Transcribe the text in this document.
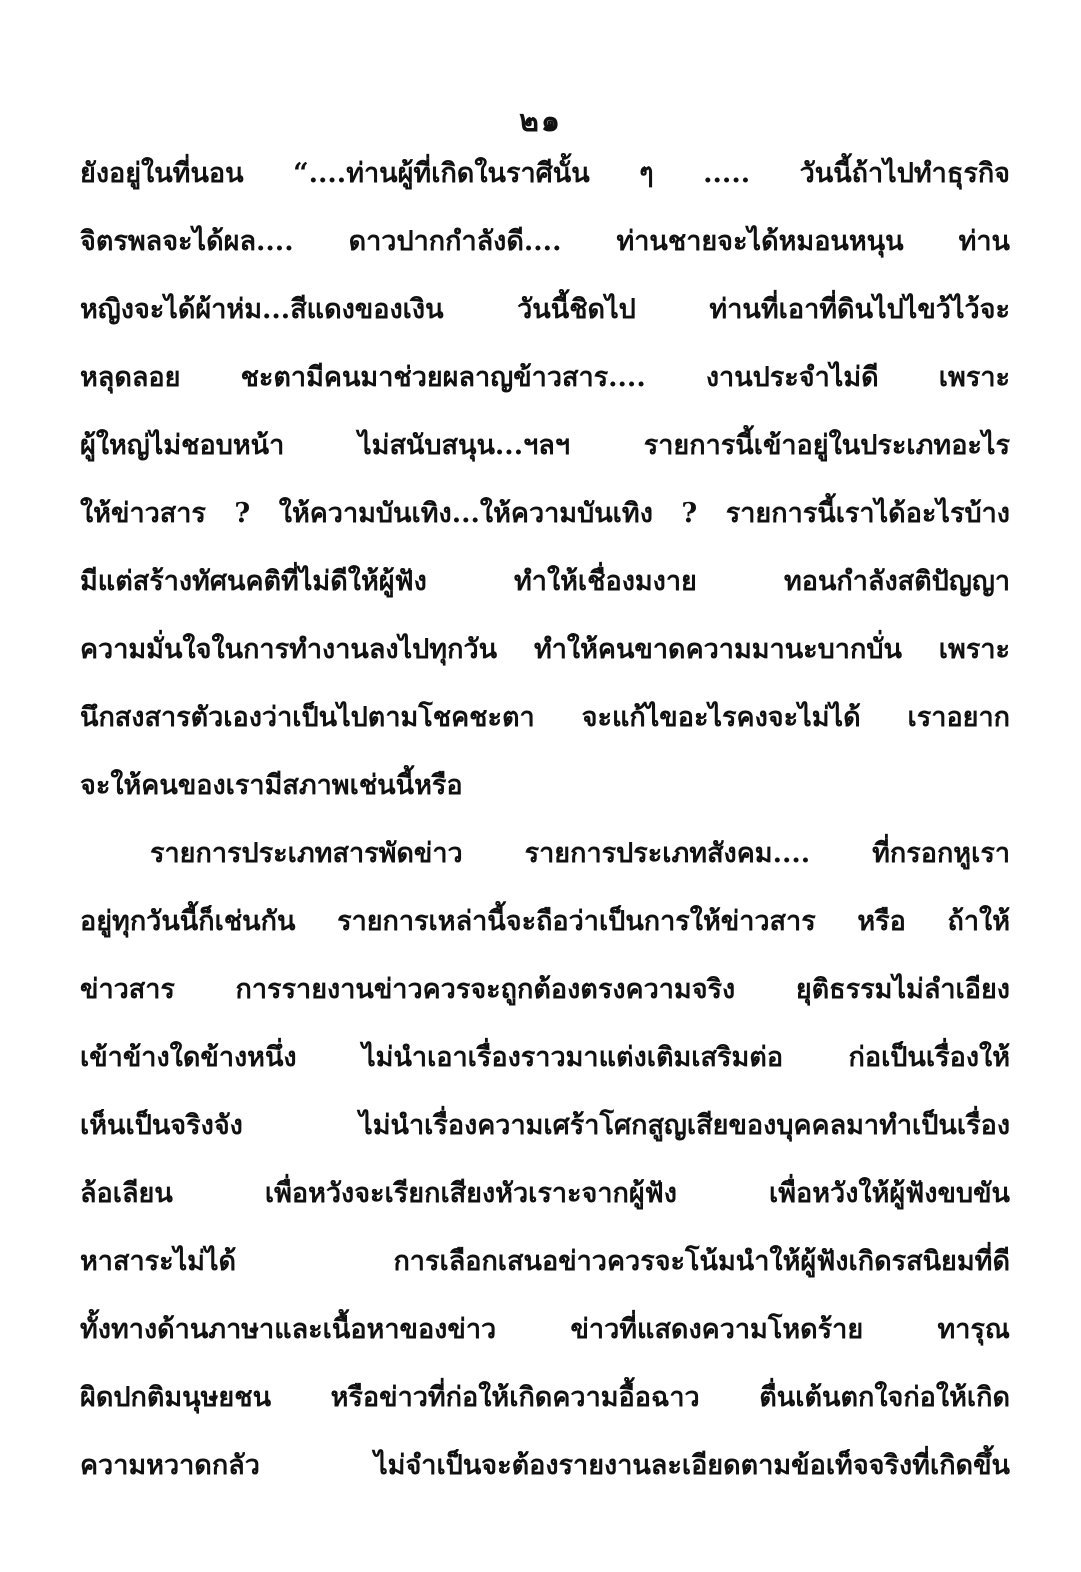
๒๑
ยังอยู่ในที่นอน “....ท่านผู้ที่เกิดในราศีนั้น ๆ ..... วันนี้ถ้าไปทำธุรกิจ
จิตรพลจะได้ผล.... ดาวปากกำลังดี.... ท่านชายจะได้หมอนหนุน ท่าน
หญิงจะได้ผ้าห่ม...สีแดงของเงิน วันนี้ชิดไป ท่านที่เอาที่ดินไปไขว้ไว้จะ
หลุดลอย ชะตามีคนมาช่วยผลาญข้าวสาร.... งานประจำไม่ดี เพราะ
ผู้ใหญ่ไม่ชอบหน้า ไม่สนับสนุน...ฯลฯ รายการนี้เข้าอยู่ในประเภทอะไร
ให้ข่าวสาร ? ให้ความบันเทิง...ให้ความบันเทิง ? รายการนี้เราได้อะไรบ้าง
มีแต่สร้างทัศนคติที่ไม่ดีให้ผู้ฟัง ทำให้เชื่องมงาย ทอนกำลังสติปัญญา
ความมั่นใจในการทำงานลงไปทุกวัน ทำให้คนขาดความมานะบากบั่น เพราะ
นึกสงสารตัวเองว่าเป็นไปตามโชคชะตา จะแก้ไขอะไรคงจะไม่ได้ เราอยาก
จะให้คนของเรามีสภาพเช่นนี้หรือ
รายการประเภทสารพัดข่าว รายการประเภทสังคม.... ที่กรอกหูเรา
อยู่ทุกวันนี้ก็เช่นกัน รายการเหล่านี้จะถือว่าเป็นการให้ข่าวสาร หรือ ถ้าให้
ข่าวสาร การรายงานข่าวควรจะถูกต้องตรงความจริง ยุติธรรมไม่ลำเอียง
เข้าข้างใดข้างหนึ่ง ไม่นำเอาเรื่องราวมาแต่งเติมเสริมต่อ ก่อเป็นเรื่องให้
เห็นเป็นจริงจัง ไม่นำเรื่องความเศร้าโศกสูญเสียของบุคคลมาทำเป็นเรื่อง
ล้อเลียน เพื่อหวังจะเรียกเสียงหัวเราะจากผู้ฟัง เพื่อหวังให้ผู้ฟังขบขัน
หาสาระไม่ได้ การเลือกเสนอข่าวควรจะโน้มนำให้ผู้ฟังเกิดรสนิยมที่ดี
ทั้งทางด้านภาษาและเนื้อหาของข่าว ข่าวที่แสดงความโหดร้าย ทารุณ
ผิดปกติมนุษยชน หรือข่าวที่ก่อให้เกิดความอื้อฉาว ตื่นเต้นตกใจก่อให้เกิด
ความหวาดกลัว ไม่จำเป็นจะต้องรายงานละเอียดตามข้อเท็จจริงที่เกิดขึ้น
